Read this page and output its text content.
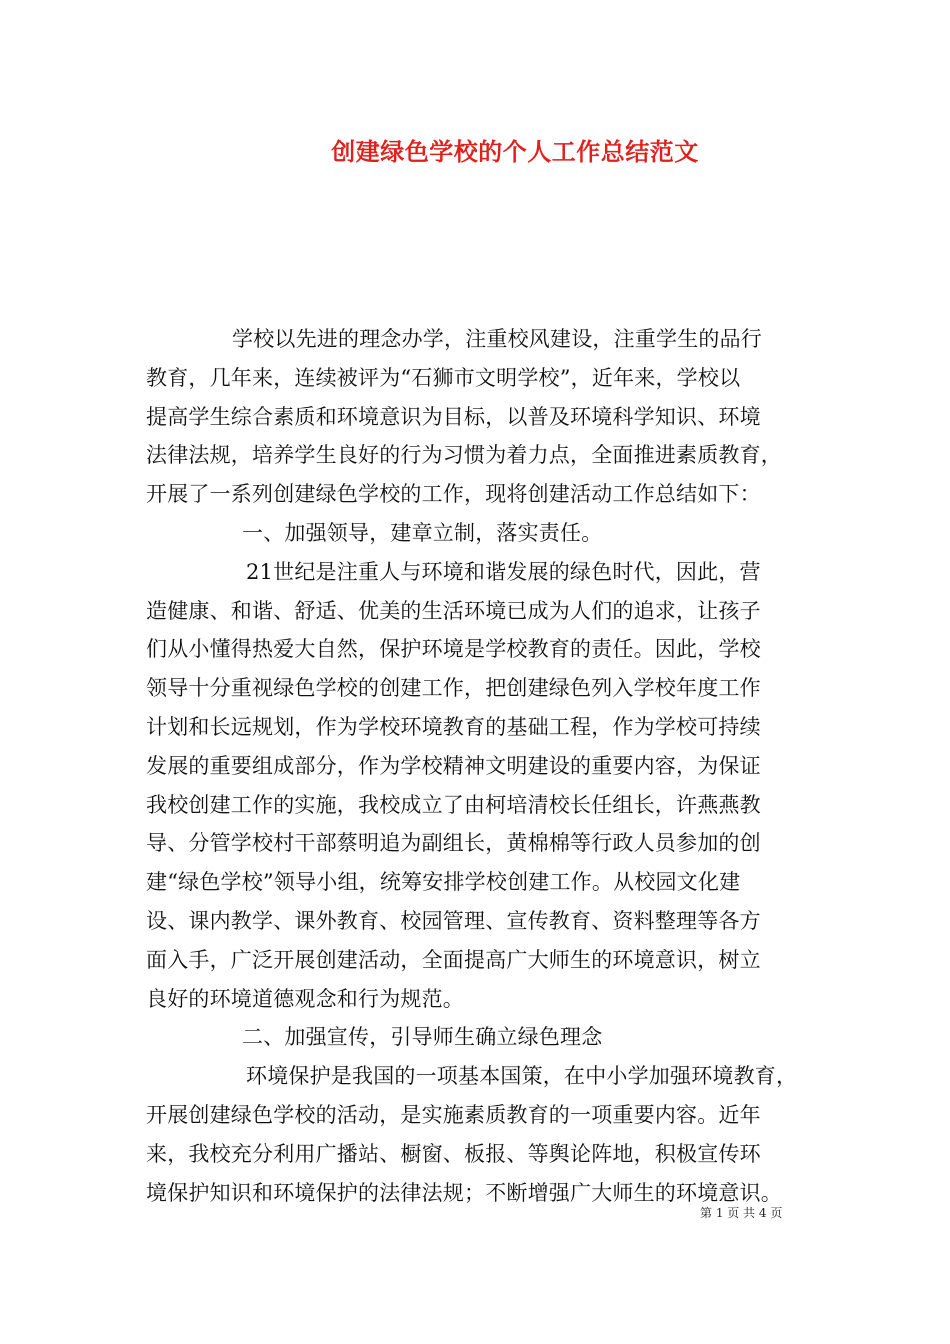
创建绿色学校的个人工作总结范文
学校以先进的理念办学，注重校风建设，注重学生的品行
教育，几年来，连续被评为“石狮市文明学校”，近年来，学校以
提高学生综合素质和环境意识为目标，以普及环境科学知识、环境
法律法规，培养学生良好的行为习惯为着力点，全面推进素质教育，
开展了一系列创建绿色学校的工作，现将创建活动工作总结如下：
一、加强领导，建章立制，落实责任。
21世纪是注重人与环境和谐发展的绿色时代，因此，营
造健康、和谐、舒适、优美的生活环境已成为人们的追求，让孩子
们从小懂得热爱大自然，保护环境是学校教育的责任。因此，学校
领导十分重视绿色学校的创建工作，把创建绿色列入学校年度工作
计划和长远规划，作为学校环境教育的基础工程，作为学校可持续
发展的重要组成部分，作为学校精神文明建设的重要内容，为保证
我校创建工作的实施，我校成立了由柯培清校长任组长，许燕燕教
导、分管学校村干部蔡明追为副组长，黄棉棉等行政人员参加的创
建“绿色学校”领导小组，统筹安排学校创建工作。从校园文化建
设、课内教学、课外教育、校园管理、宣传教育、资料整理等各方
面入手，广泛开展创建活动，全面提高广大师生的环境意识，树立
良好的环境道德观念和行为规范。
二、加强宣传，引导师生确立绿色理念
环境保护是我国的一项基本国策，在中小学加强环境教育，
开展创建绿色学校的活动，是实施素质教育的一项重要内容。近年
来，我校充分利用广播站、橱窗、板报、等舆论阵地，积极宣传环
境保护知识和环境保护的法律法规；不断增强广大师生的环境意识。
第 1 页 共 4 页
